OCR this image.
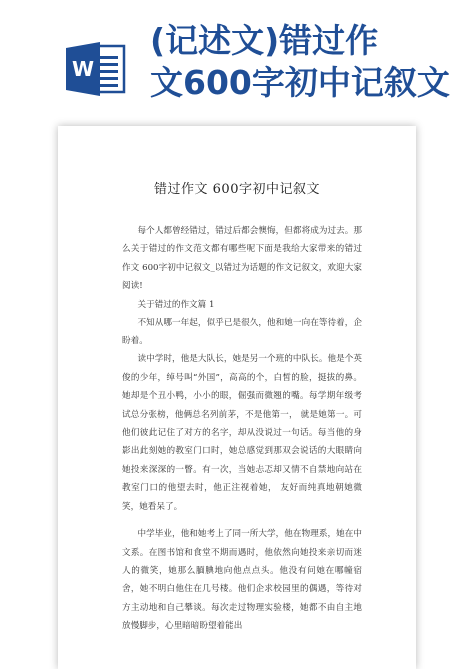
W
(记述文)错过作
文600字初中记叙文
错过作文 600字初中记叙文

每个人都曾经错过，错过后都会懊悔，但都将成为过去。那么关于错过的作文范文都有哪些呢下面是我给大家带来的错过作文 600字初中记叙文_以错过为话题的作文记叙文，欢迎大家阅读!

关于错过的作文篇 1

不知从哪一年起，似乎已是很久，他和她一向在等待着，企盼着。

读中学时，他是大队长，她是另一个班的中队长。他是个英俊的少年，绰号叫“外国”，高高的个，白皙的脸，挺拔的鼻。她却是个丑小鸭，小小的眼，倔强而微翘的嘴。每学期年级考试总分张榜，他俩总名列前茅，不是他第一， 就是她第一。可他们彼此记住了对方的名字，却从没说过一句话。每当他的身影出此刻她的教室门口时，她总感觉到那双会说话的大眼睛向她投来深深的一瞥。有一次，当她忐忑却又情不自禁地向站在教室门口的他望去时，他正注视着她， 友好而纯真地朝她微笑，她看呆了。

中学毕业，他和她考上了同一所大学，他在物理系，她在中文系。在图书馆和食堂不期而遇时，他依然向她投来亲切而迷人的微笑，她那么腼腆地向他点点头。他没有问她在哪幢宿舍，她不明白他住在几号楼。他们企求校园里的偶遇，等待对方主动地和自己攀谈。每次走过物理实验楼，她都不由自主地放慢脚步，心里暗暗盼望着能出
